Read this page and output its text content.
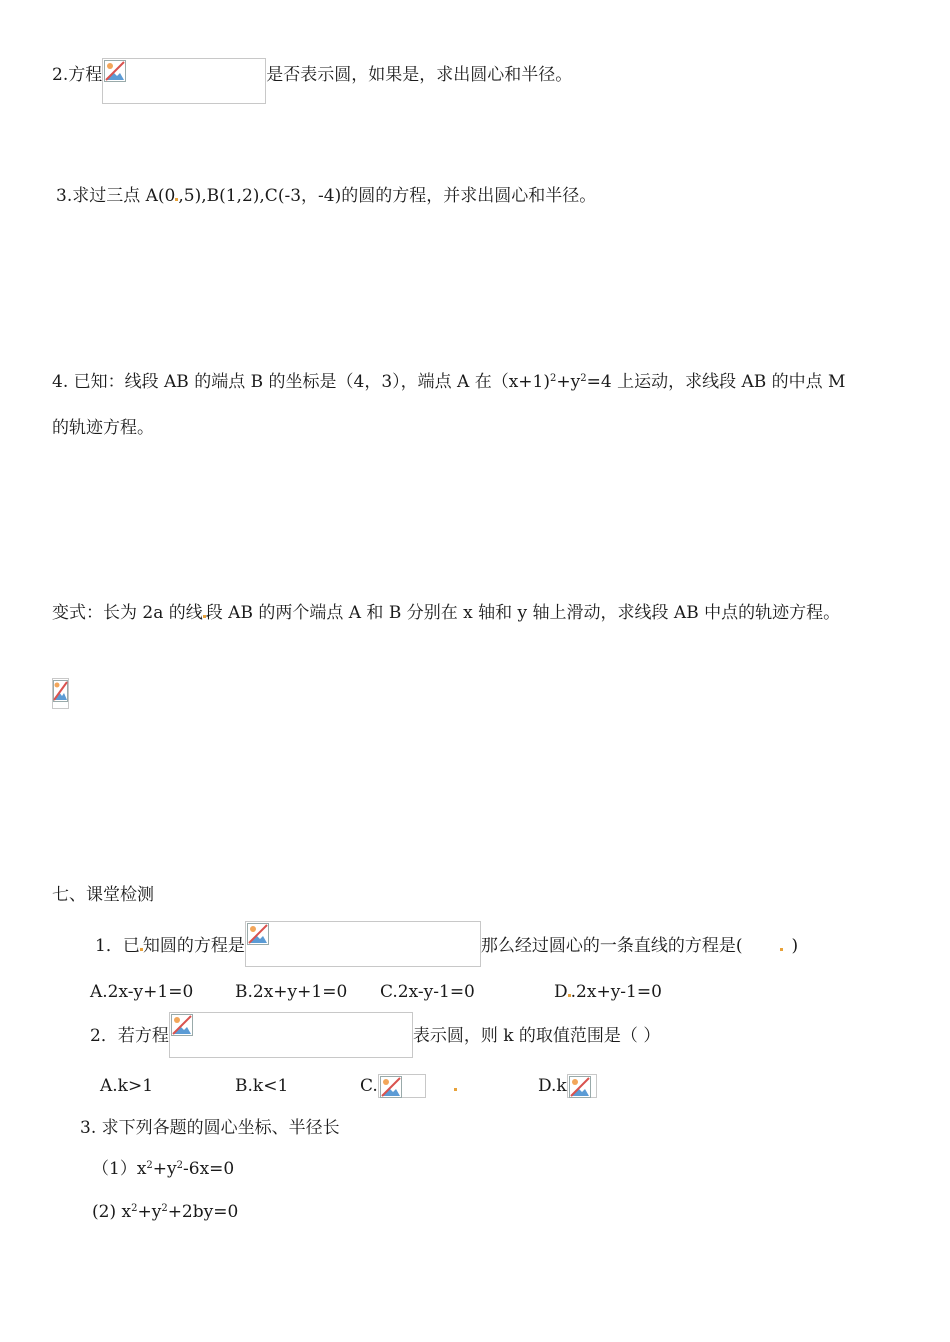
2.方程	是否表示圆，如果是，求出圆心和半径。
3.求过三点 A(0 ,5),B(1,2),C(-3，-4)的圆的方程，并求出圆心和半径。
4. 已知：线段 AB 的端点 B 的坐标是（4，3），端点 A 在$(x+1)^2+y^2=4$ 上运动，求线段 AB 的中点 M
的轨迹方程。
变式：长为 2a 的线 段 AB 的两个端点 A 和 B 分别在 x 轴和 y 轴上滑动，求线段 AB 中点的轨迹方程。
七、课堂检测
1．已 知圆的方程是	那么经过圆心的一条直线的方程是(	)
A.2x-y+1=0 B.2x+y+1=0 C.2x-y-1=0	D .2x+y-1=0
2．若方程	表示圆，则 k 的取值范围是（ ）
A.k>1	B.k<1	C.	D.k
3. 求下列各题的圆心坐标、半径长
$(1)x^2+y^2-6x=0$
(2) $x^2+y^2+2by=0$
